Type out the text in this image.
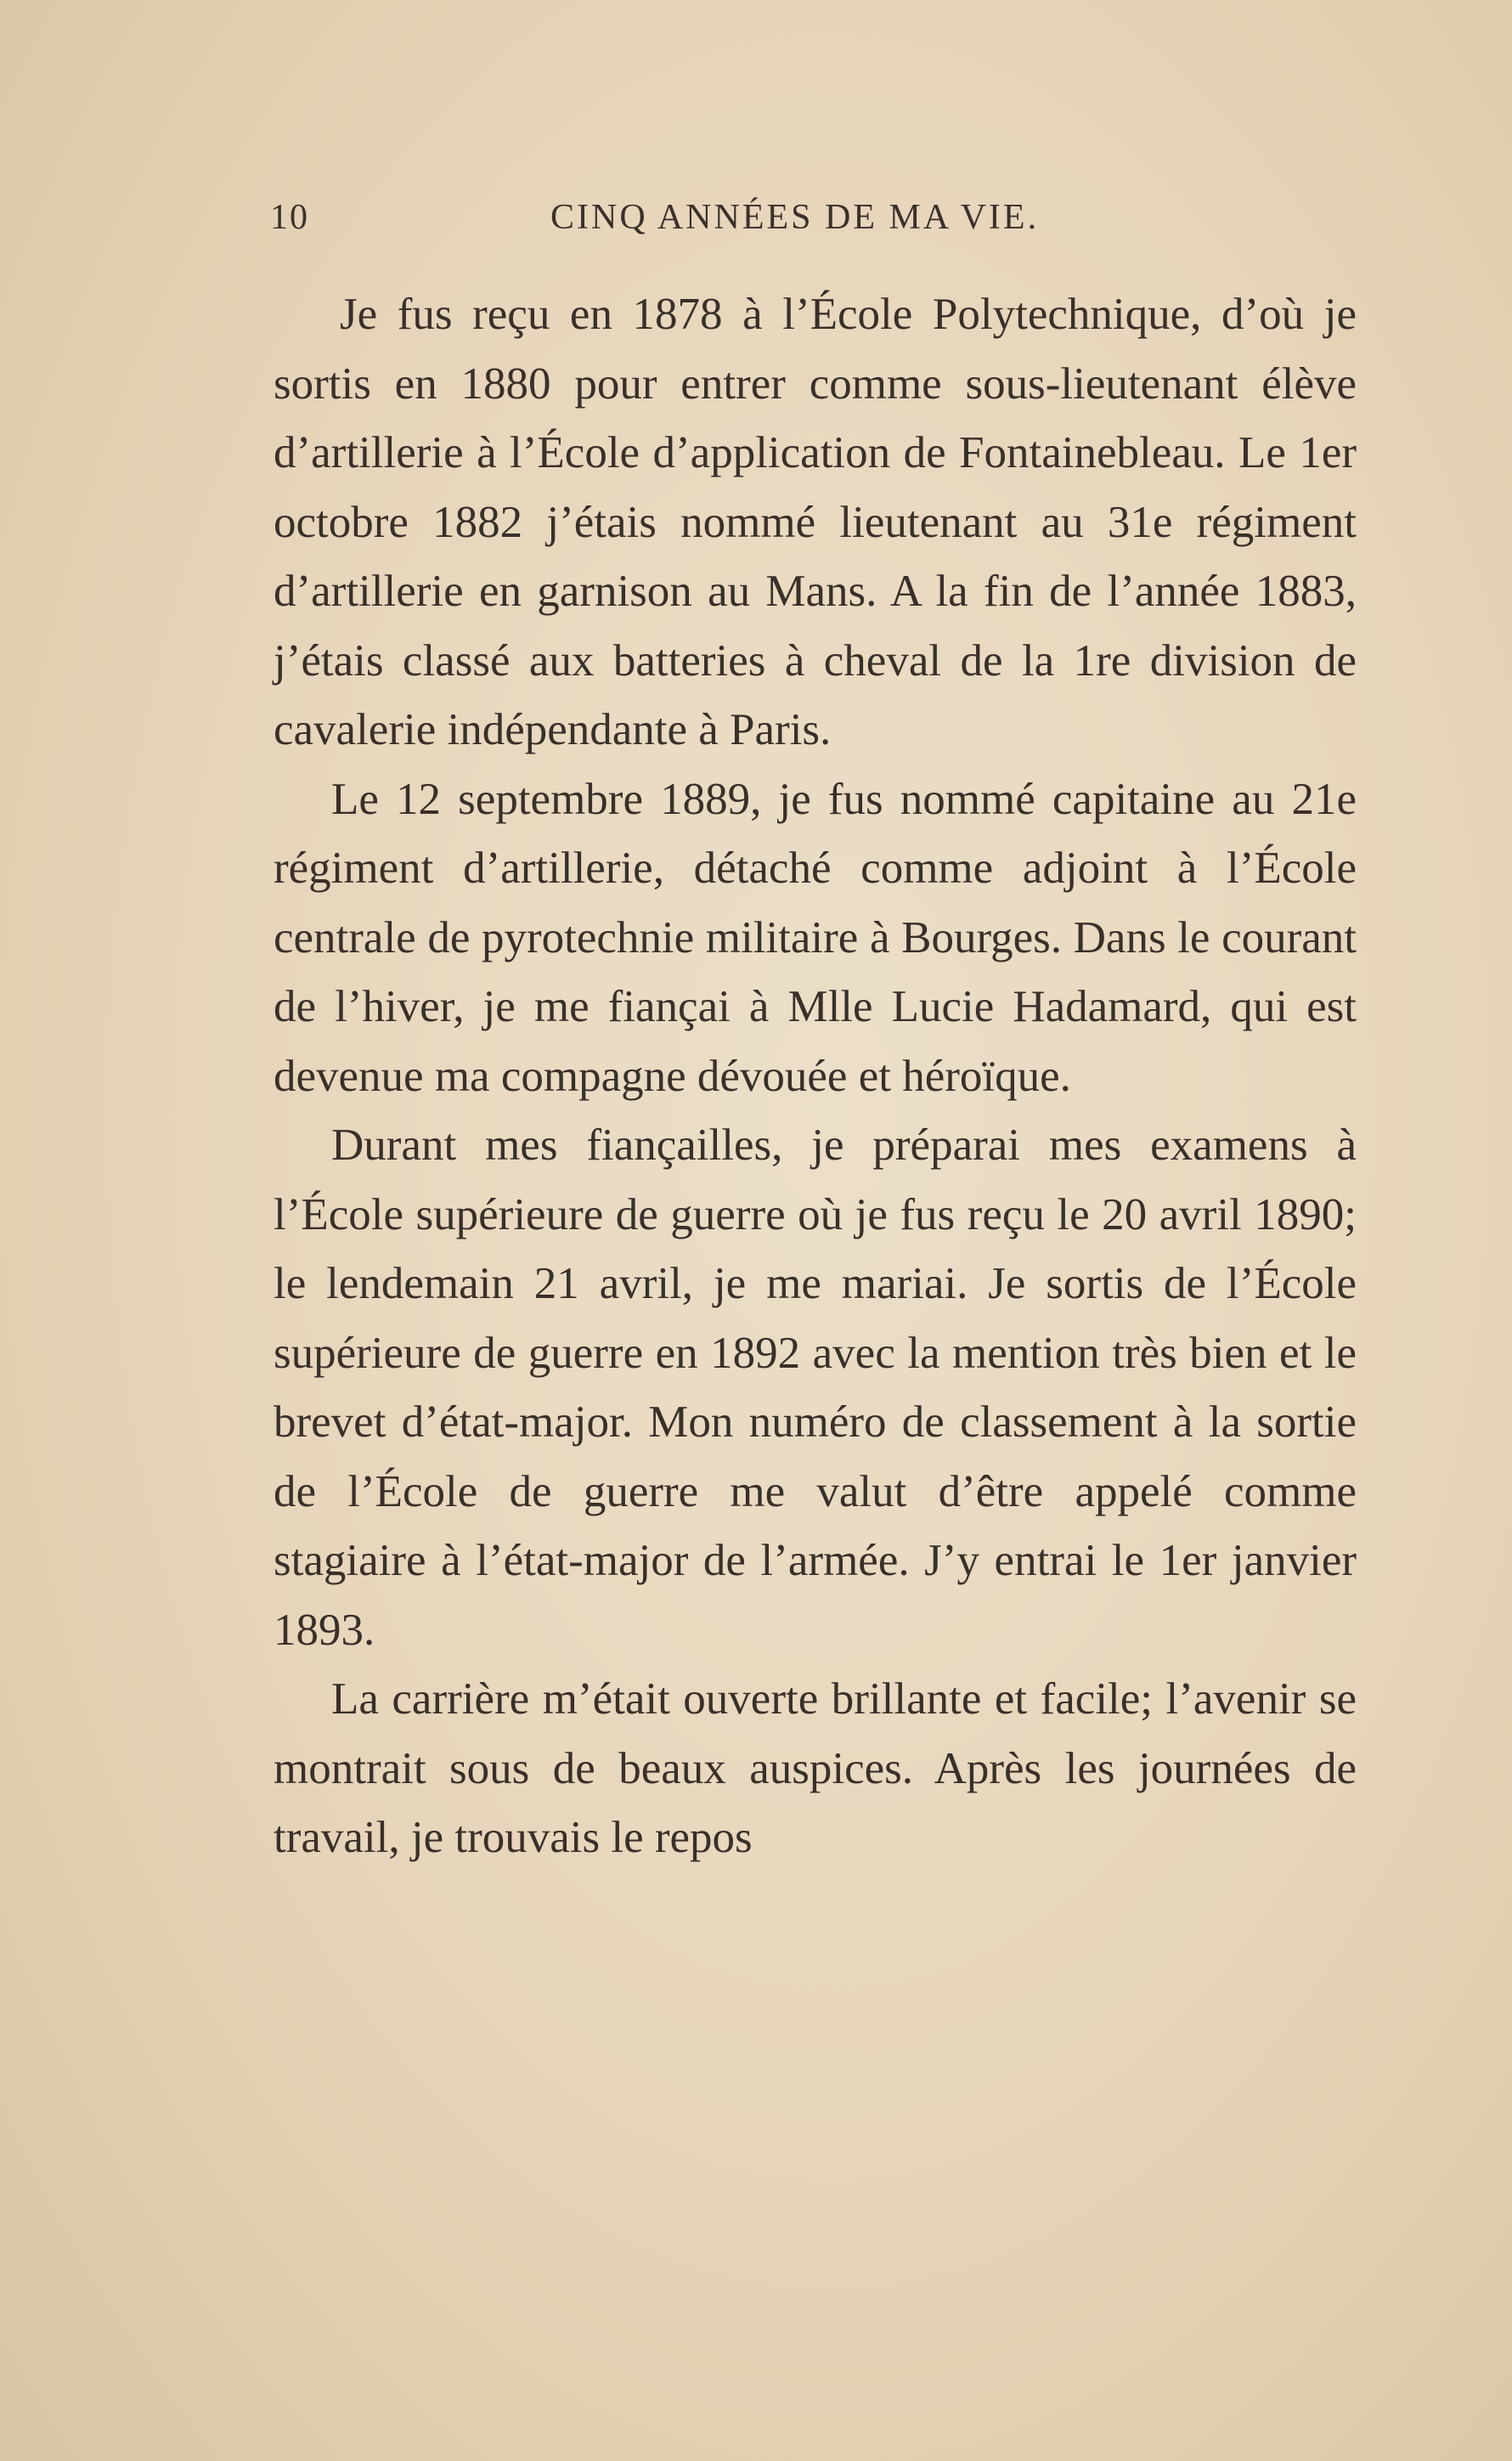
10	CINQ ANNÉES DE MA VIE.

Je fus reçu en 1878 à l’École Polytechnique, d’où je sortis en 1880 pour entrer comme sous-lieutenant élève d’artillerie à l’École d’application de Fontainebleau. Le 1er octobre 1882 j’étais nommé lieutenant au 31e régiment d’artillerie en garnison au Mans. A la fin de l’année 1883, j’étais classé aux batteries à cheval de la 1re division de cavalerie indépendante à Paris.

Le 12 septembre 1889, je fus nommé capitaine au 21e régiment d’artillerie, détaché comme adjoint à l’École centrale de pyrotechnie militaire à Bourges. Dans le courant de l’hiver, je me fiançai à Mlle Lucie Hadamard, qui est devenue ma compagne dévouée et héroïque.

Durant mes fiançailles, je préparai mes examens à l’École supérieure de guerre où je fus reçu le 20 avril 1890; le lendemain 21 avril, je me mariai. Je sortis de l’École supérieure de guerre en 1892 avec la mention très bien et le brevet d’état-major. Mon numéro de classement à la sortie de l’École de guerre me valut d’être appelé comme stagiaire à l’état-major de l’armée. J’y entrai le 1er janvier 1893.

La carrière m’était ouverte brillante et facile; l’avenir se montrait sous de beaux auspices. Après les journées de travail, je trouvais le repos
